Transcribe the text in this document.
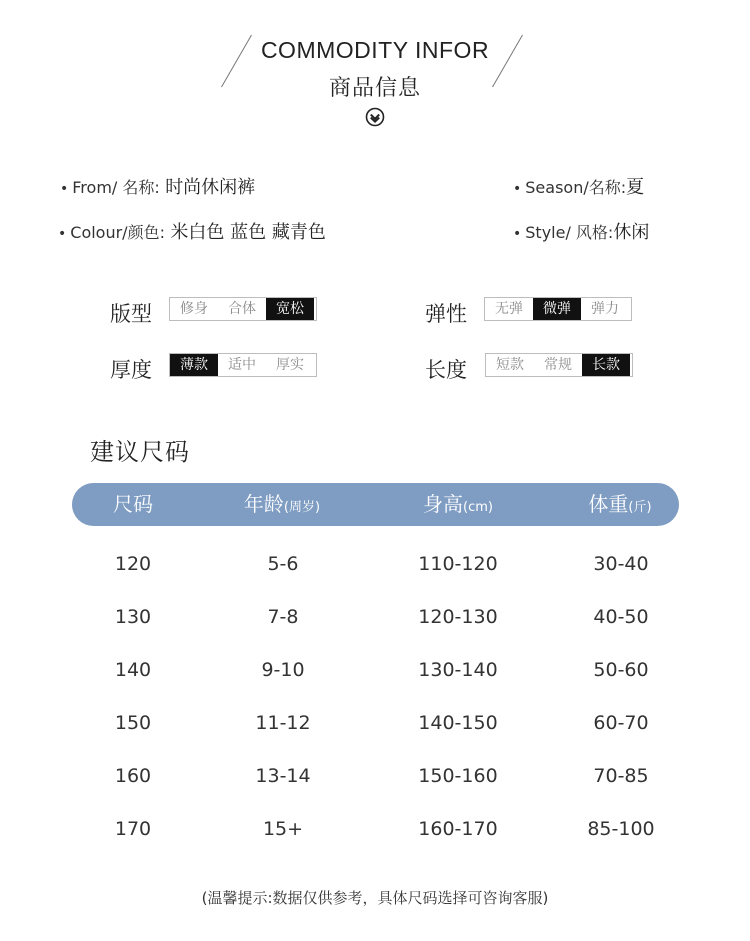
COMMODITY INFOR
商品信息
• From/ 名称: 时尚休闲裤	• Season/名称:夏
• Colour/颜色: 米白色 蓝色 藏青色	• Style/ 风格:休闲
版型	修身	合体	宽松	弹性	无弹	微弹	弹力
厚度	薄款	适中	厚实	长度	短款	常规	长款
建议尺码
尺码	年龄(周岁)	身高(cm)	体重(斤)
120	5-6	110-120	30-40
130	7-8	120-130	40-50
140	9-10	130-140	50-60
150	11-12	140-150	60-70
160	13-14	150-160	70-85
170	15+	160-170	85-100
(温馨提示:数据仅供参考，具体尺码选择可咨询客服)
